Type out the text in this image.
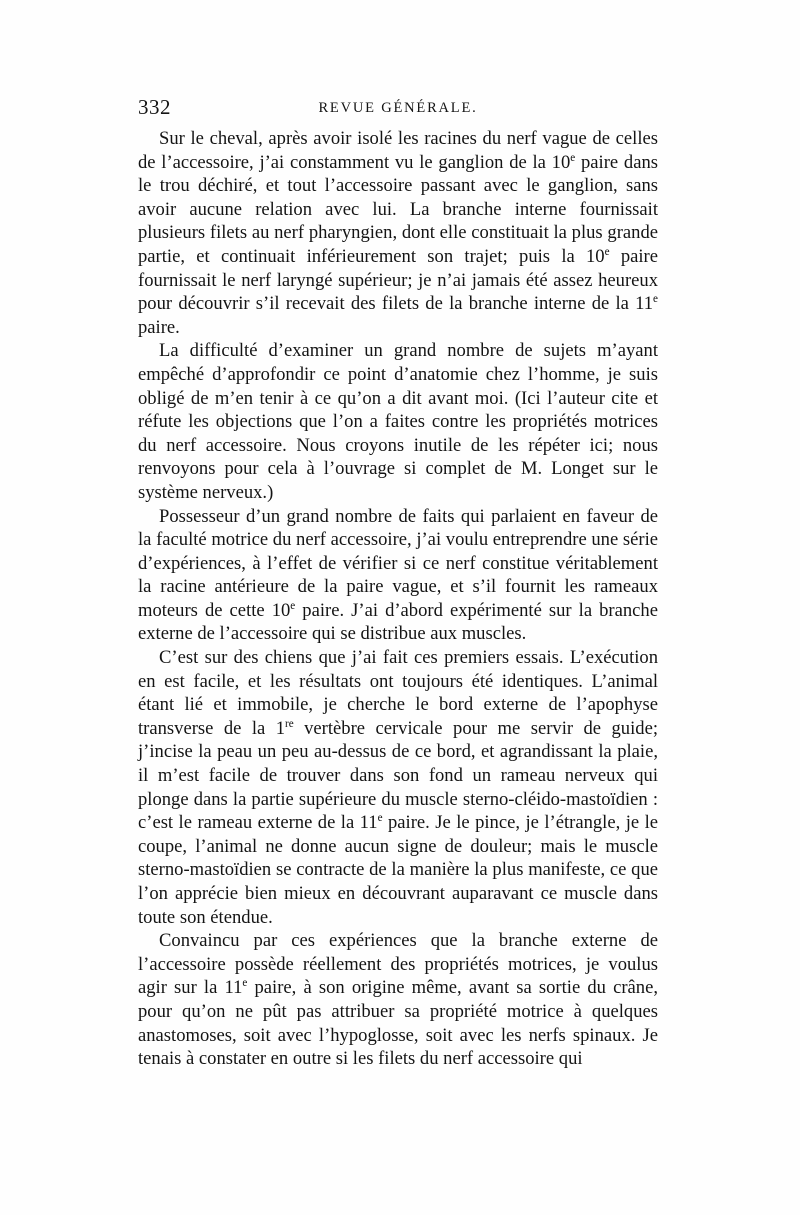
332	REVUE GÉNÉRALE.

Sur le cheval, après avoir isolé les racines du nerf vague de celles de l’accessoire, j’ai constamment vu le ganglion de la 10e paire dans le trou déchiré, et tout l’accessoire passant avec le ganglion, sans avoir aucune relation avec lui. La branche interne fournissait plusieurs filets au nerf pharyngien, dont elle constituait la plus grande partie, et continuait inférieurement son trajet; puis la 10e paire fournissait le nerf laryngé supérieur; je n’ai jamais été assez heureux pour découvrir s’il recevait des filets de la branche interne de la 11e paire.

La difficulté d’examiner un grand nombre de sujets m’ayant empêché d’approfondir ce point d’anatomie chez l’homme, je suis obligé de m’en tenir à ce qu’on a dit avant moi. (Ici l’auteur cite et réfute les objections que l’on a faites contre les propriétés motrices du nerf accessoire. Nous croyons inutile de les répéter ici; nous renvoyons pour cela à l’ouvrage si complet de M. Longet sur le système nerveux.)

Possesseur d’un grand nombre de faits qui parlaient en faveur de la faculté motrice du nerf accessoire, j’ai voulu entreprendre une série d’expériences, à l’effet de vérifier si ce nerf constitue véritablement la racine antérieure de la paire vague, et s’il fournit les rameaux moteurs de cette 10e paire. J’ai d’abord expérimenté sur la branche externe de l’accessoire qui se distribue aux muscles.

C’est sur des chiens que j’ai fait ces premiers essais. L’exécution en est facile, et les résultats ont toujours été identiques. L’animal étant lié et immobile, je cherche le bord externe de l’apophyse transverse de la 1re vertèbre cervicale pour me servir de guide; j’incise la peau un peu au-dessus de ce bord, et agrandissant la plaie, il m’est facile de trouver dans son fond un rameau nerveux qui plonge dans la partie supérieure du muscle sterno-cléido-mastoïdien : c’est le rameau externe de la 11e paire. Je le pince, je l’étrangle, je le coupe, l’animal ne donne aucun signe de douleur; mais le muscle sterno-mastoïdien se contracte de la manière la plus manifeste, ce que l’on apprécie bien mieux en découvrant auparavant ce muscle dans toute son étendue.

Convaincu par ces expériences que la branche externe de l’accessoire possède réellement des propriétés motrices, je voulus agir sur la 11e paire, à son origine même, avant sa sortie du crâne, pour qu’on ne pût pas attribuer sa propriété motrice à quelques anastomoses, soit avec l’hypoglosse, soit avec les nerfs spinaux. Je tenais à constater en outre si les filets du nerf accessoire qui
